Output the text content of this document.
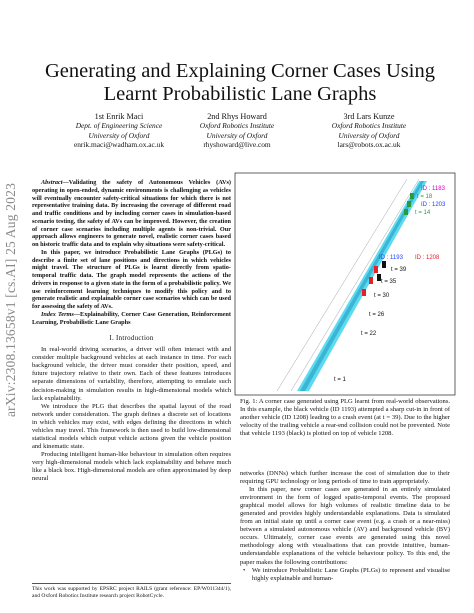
arXiv:2308.13658v1 [cs.AI] 25 Aug 2023
Generating and Explaining Corner Cases Using Learnt Probabilistic Lane Graphs
1st Enrik Maci
Dept. of Engineering Science
University of Oxford
enrik.maci@wadham.ox.ac.uk
2nd Rhys Howard
Oxford Robotics Institute
University of Oxford
rhyshoward@live.com
3rd Lars Kunze
Oxford Robotics Institute
University of Oxford
lars@robots.ox.ac.uk

Abstract—Validating the safety of Autonomous Vehicles (AVs) operating in open-ended, dynamic environments is challenging as vehicles will eventually encounter safety-critical situations for which there is not representative training data. By increasing the coverage of different road and traffic conditions and by including corner cases in simulation-based scenario testing, the safety of AVs can be improved. However, the creation of corner case scenarios including multiple agents is non-trivial. Our approach allows engineers to generate novel, realistic corner cases based on historic traffic data and to explain why situations were safety-critical.

In this paper, we introduce Probabilistic Lane Graphs (PLGs) to describe a finite set of lane positions and directions in which vehicles might travel. The structure of PLGs is learnt directly from spatio-temporal traffic data. The graph model represents the actions of the drivers in response to a given state in the form of a probabilistic policy. We use reinforcement learning techniques to modify this policy and to generate realistic and explainable corner case scenarios which can be used for assessing the safety of AVs.

Index Terms—Explainability, Corner Case Generation, Reinforcement Learning, Probabilistic Lane Graphs

I. Introduction

In real-world driving scenarios, a driver will often interact with and consider multiple background vehicles at each instance in time. For each background vehicle, the driver must consider their position, speed, and future trajectory relative to their own. Each of these features introduces separate dimensions of variability, therefore, attempting to emulate such decision-making in simulation results in high-dimensional models which lack explainability.

We introduce the PLG that describes the spatial layout of the road network under consideration. The graph defines a discrete set of locations in which vehicles may exist, with edges defining the directions in which vehicles may travel. This framework is then used to build low-dimensional statistical models which output vehicle actions given the vehicle position and kinematic state.

Producing intelligent human-like behaviour in simulation often requires very high-dimensional models which lack explainability and behave much like a black box. High-dimensional models are often approximated by deep neural

This work was supported by EPSRC project RAILS (grant reference: EP/W011344/1), and Oxford Robotics Institute research project RobotCycle.
ID : 1183
t = 18
ID : 1203
t = 14
ID : 1193 ID : 1208
t = 39
t = 35
t = 30
t = 26
t = 22
t = 1
Fig. 1: A corner case generated using PLG learnt from real-world observations. In this example, the black vehicle (ID 1193) attempted a sharp cut-in in front of another vehicle (ID 1208) leading to a crash event (at t = 39). Due to the higher velocity of the trailing vehicle a rear-end collision could not be prevented. Note that vehicle 1193 (black) is plotted on top of vehicle 1208.

networks (DNNs) which further increase the cost of simulation due to their requiring GPU technology or long periods of time to train appropriately.

In this paper, new corner cases are generated in an entirely simulated environment in the form of logged spatio-temporal events. The proposed graphical model allows for high volumes of realistic timeline data to be generated and provides highly understandable explanations. Data is simulated from an initial state up until a corner case event (e.g. a crash or a near-miss) between a simulated autonomous vehicle (AV) and background vehicle (BV) occurs. Ultimately, corner case events are generated using this novel methodology along with visualisations that can provide intuitive, human-understandable explanations of the vehicle behaviour policy. To this end, the paper makes the following contributions:

• We introduce Probabilistic Lane Graphs (PLGs) to represent and visualise highly explainable and human-
